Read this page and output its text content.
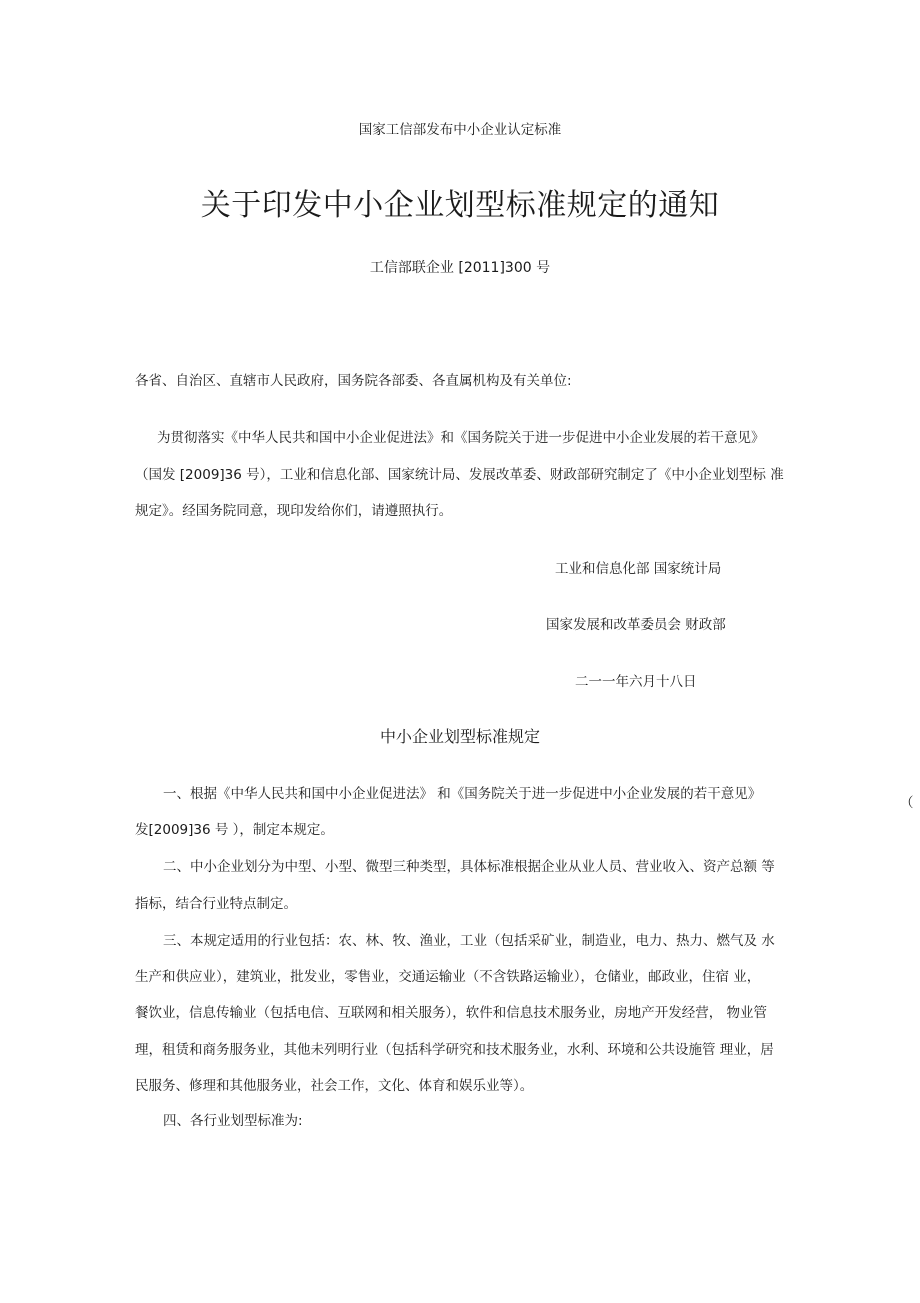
国家工信部发布中小企业认定标准
关于印发中小企业划型标准规定的通知
工信部联企业 [2011]300 号
各省、自治区、直辖市人民政府，国务院各部委、各直属机构及有关单位:
为贯彻落实《中华人民共和国中小企业促进法》和《国务院关于进一步促进中小企业发展的若干意见》
（国发 [2009]36 号），工业和信息化部、国家统计局、发展改革委、财政部研究制定了《中小企业划型标 准
规定》。经国务院同意，现印发给你们，请遵照执行。
工业和信息化部 国家统计局
国家发展和改革委员会 财政部
二一一年六月十八日
中小企业划型标准规定
一、根据《中华人民共和国中小企业促进法》 和《国务院关于进一步促进中小企业发展的若干意见》
（
发[2009]36 号 ），制定本规定。
二、中小企业划分为中型、小型、微型三种类型，具体标准根据企业从业人员、营业收入、资产总额 等
指标，结合行业特点制定。
三、本规定适用的行业包括：农、林、牧、渔业，工业（包括采矿业，制造业，电力、热力、燃气及 水
生产和供应业），建筑业，批发业，零售业，交通运输业（不含铁路运输业），仓储业，邮政业，住宿 业，
餐饮业，信息传输业（包括电信、互联网和相关服务），软件和信息技术服务业，房地产开发经营， 物业管
理，租赁和商务服务业，其他未列明行业（包括科学研究和技术服务业，水利、环境和公共设施管 理业，居
民服务、修理和其他服务业，社会工作，文化、体育和娱乐业等）。
四、各行业划型标准为:
